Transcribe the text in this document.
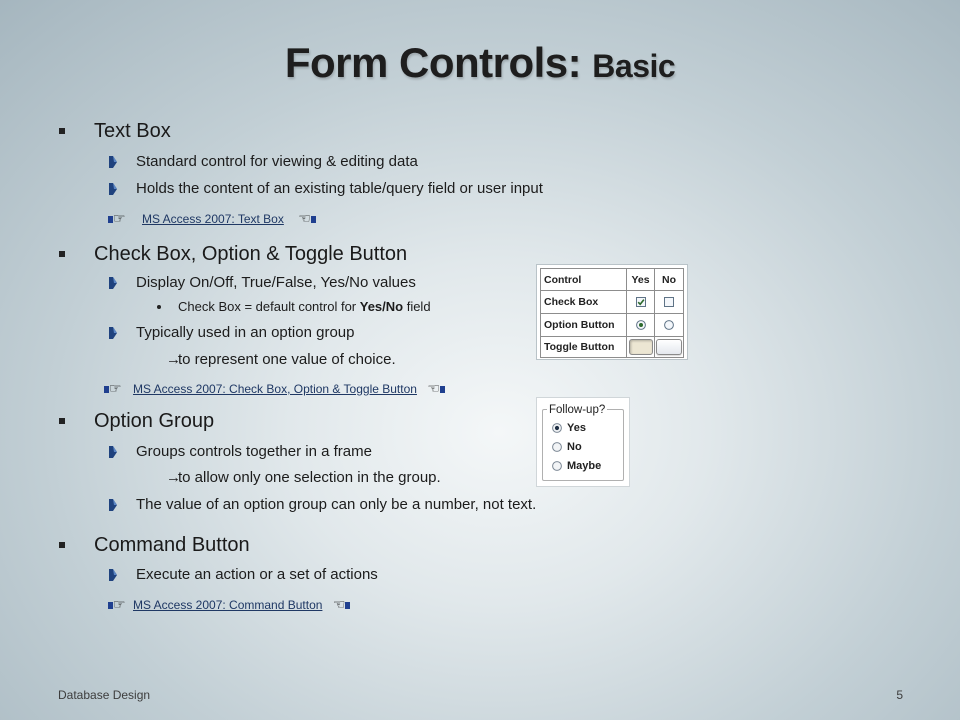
Form Controls: Basic
Text Box
Standard control for viewing & editing data
Holds the content of an existing table/query field or user input
☞
MS Access 2007: Text Box
☜
Check Box, Option & Toggle Button
Display On/Off, True/False, Yes/No values
Check Box = default control for Yes/No field
Typically used in an option group
→to represent one value of choice.
☞
MS Access 2007: Check Box, Option & Toggle Button
☜
Option Group
Groups controls together in a frame
→to allow only one selection in the group.
The value of an option group can only be a number, not text.
Command Button
Execute an action or a set of actions
☞
MS Access 2007: Command Button
☜
Control	Yes	No
Check Box
Option Button
Toggle Button
Follow-up?
Yes
No
Maybe
Database Design	5
